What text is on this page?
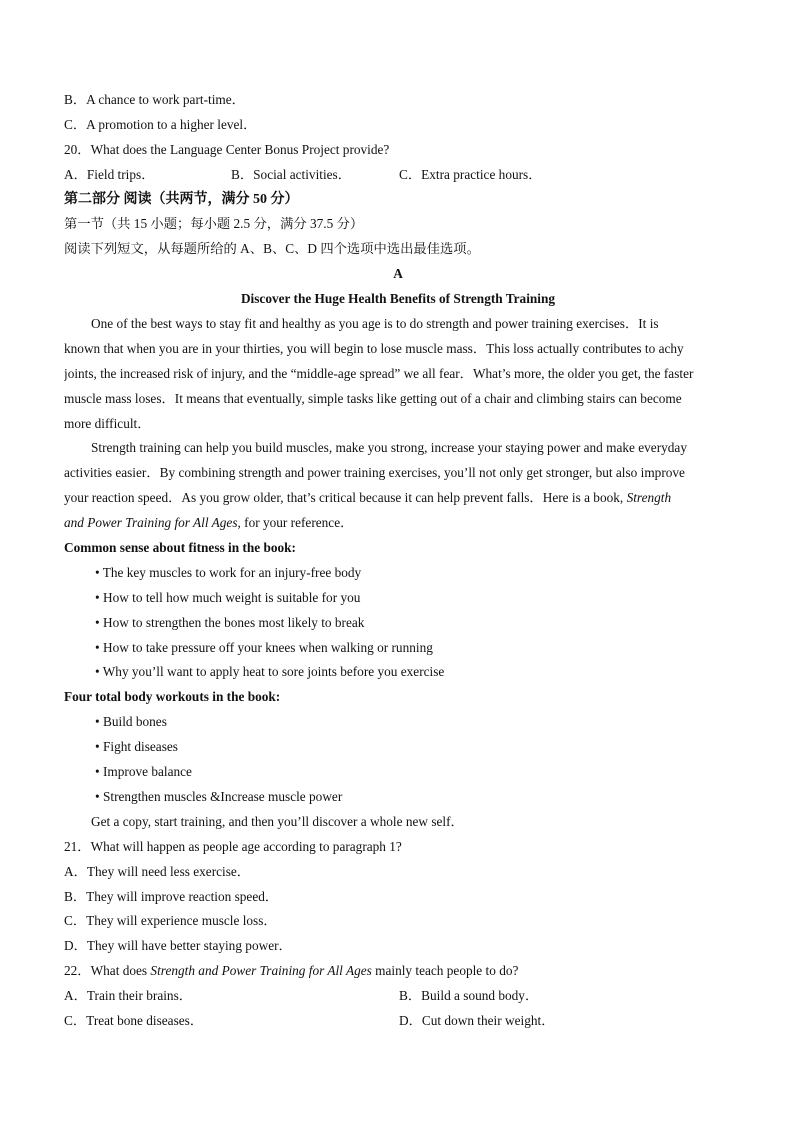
B．A chance to work part-time．
C．A promotion to a higher level．
20．What does the Language Center Bonus Project provide?
A．Field trips．	B．Social activities．	C．Extra practice hours．
第二部分 阅读（共两节，满分 50 分）
第一节（共 15 小题；每小题 2.5 分，满分 37.5 分）
阅读下列短文，从每题所给的 A、B、C、D 四个选项中选出最佳选项。
A
Discover the Huge Health Benefits of Strength Training
One of the best ways to stay fit and healthy as you age is to do strength and power training exercises．It is
known that when you are in your thirties, you will begin to lose muscle mass．This loss actually contributes to achy
joints, the increased risk of injury, and the “middle-age spread” we all fear．What’s more, the older you get, the faster
muscle mass loses．It means that eventually, simple tasks like getting out of a chair and climbing stairs can become
more difficult．
Strength training can help you build muscles, make you strong, increase your staying power and make everyday
activities easier．By combining strength and power training exercises, you’ll not only get stronger, but also improve
your reaction speed．As you grow older, that’s critical because it can help prevent falls．Here is a book, Strength
and Power Training for All Ages, for your reference．
Common sense about fitness in the book:
• The key muscles to work for an injury-free body
• How to tell how much weight is suitable for you
• How to strengthen the bones most likely to break
• How to take pressure off your knees when walking or running
• Why you’ll want to apply heat to sore joints before you exercise
Four total body workouts in the book:
• Build bones
• Fight diseases
• Improve balance
• Strengthen muscles &Increase muscle power
Get a copy, start training, and then you’ll discover a whole new self．
21．What will happen as people age according to paragraph 1?
A．They will need less exercise．
B．They will improve reaction speed．
C．They will experience muscle loss．
D．They will have better staying power．
22．What does Strength and Power Training for All Ages mainly teach people to do?
A．Train their brains．	B．Build a sound body．
C．Treat bone diseases．	D．Cut down their weight．
